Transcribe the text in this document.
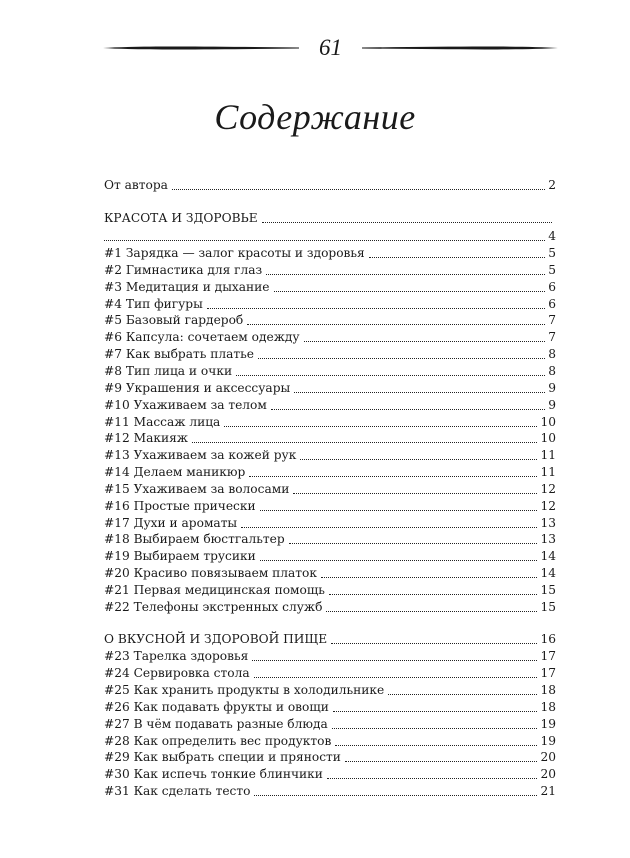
61
Содержание
От автора	2
КРАСОТА И ЗДОРОВЬЕ
4
#1 Зарядка — залог красоты и здоровья	5
#2 Гимнастика для глаз	5
#3 Медитация и дыхание	6
#4 Тип фигуры	6
#5 Базовый гардероб	7
#6 Капсула: сочетаем одежду	7
#7 Как выбрать платье	8
#8 Тип лица и очки	8
#9 Украшения и аксессуары	9
#10 Ухаживаем за телом	9
#11 Массаж лица	10
#12 Макияж	10
#13 Ухаживаем за кожей рук	11
#14 Делаем маникюр	11
#15 Ухаживаем за волосами	12
#16 Простые прически	12
#17 Духи и ароматы	13
#18 Выбираем бюстгальтер	13
#19 Выбираем трусики	14
#20 Красиво повязываем платок	14
#21 Первая медицинская помощь	15
#22 Телефоны экстренных служб	15
О ВКУСНОЙ И ЗДОРОВОЙ ПИЩЕ	16
#23 Тарелка здоровья	17
#24 Сервировка стола	17
#25 Как хранить продукты в холодильнике	18
#26 Как подавать фрукты и овощи	18
#27 В чём подавать разные блюда	19
#28 Как определить вес продуктов	19
#29 Как выбрать специи и пряности	20
#30 Как испечь тонкие блинчики	20
#31 Как сделать тесто	21
